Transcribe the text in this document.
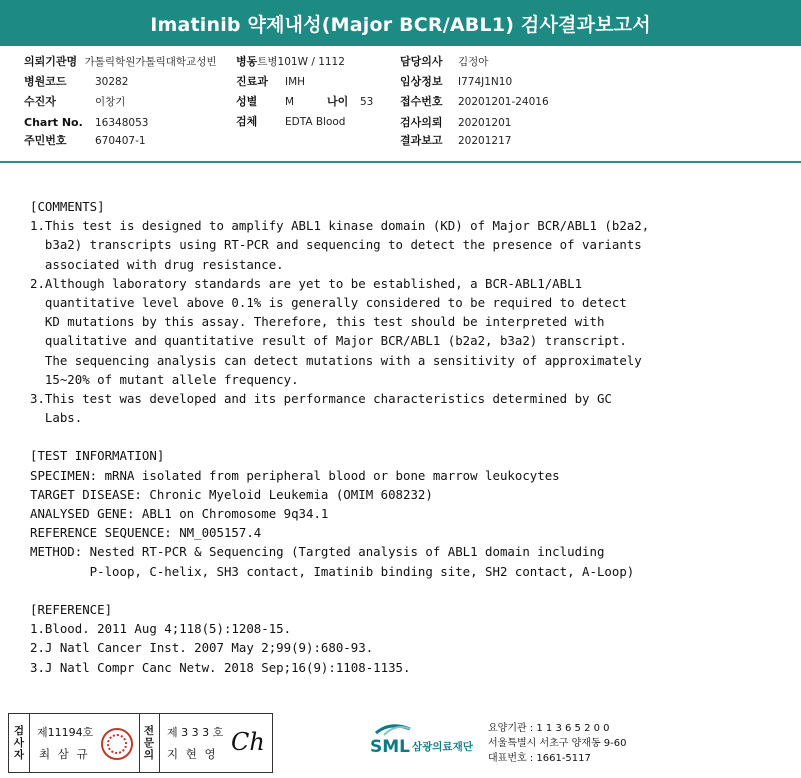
Imatinib 약제내성(Major BCR/ABL1) 검사결과보고서
의뢰기관명 가톨릭학원가톨릭대학교성빈
병원코드	30282
수진자	이창기
Chart No. 16348053
주민번호	670407-1
병동트병101W / 1112
진료과 IMH
성별	M	나이 53
검체	EDTA Blood
담당의사 김정아
임상정보 I774J1N10
접수번호 20201201-24016
검사의뢰 20201201
결과보고 20201217
[COMMENTS]
1.This test is designed to amplify ABL1 kinase domain (KD) of Major BCR/ABL1 (b2a2,
b3a2) transcripts using RT-PCR and sequencing to detect the presence of variants
associated with drug resistance.
2.Although laboratory standards are yet to be established, a BCR-ABL1/ABL1
quantitative level above 0.1% is generally considered to be required to detect
KD mutations by this assay. Therefore, this test should be interpreted with
qualitative and quantitative result of Major BCR/ABL1 (b2a2, b3a2) transcript.
The sequencing analysis can detect mutations with a sensitivity of approximately
15~20% of mutant allele frequency.
3.This test was developed and its performance characteristics determined by GC
Labs.
[TEST INFORMATION]
SPECIMEN: mRNA isolated from peripheral blood or bone marrow leukocytes
TARGET DISEASE: Chronic Myeloid Leukemia (OMIM 608232)
ANALYSED GENE: ABL1 on Chromosome 9q34.1
REFERENCE SEQUENCE: NM_005157.4
METHOD: Nested RT-PCR & Sequencing (Targted analysis of ABL1 domain including
P-loop, C-helix, SH3 contact, Imatinib binding site, SH2 contact, A-Loop)
[REFERENCE]
1.Blood. 2011 Aug 4;118(5):1208-15.
2.J Natl Cancer Inst. 2007 May 2;99(9):680-93.
3.J Natl Compr Canc Netw. 2018 Sep;16(9):1108-1135.
검
사
자
제11194호
최 삼 규
전
문
의
제 3 3 3 호
지 현 영 Ch	SML 삼광의료재단
요양기관 : 1 1 3 6 5 2 0 0
서울특별시 서초구 양재동 9-60
대표번호 : 1661-5117
